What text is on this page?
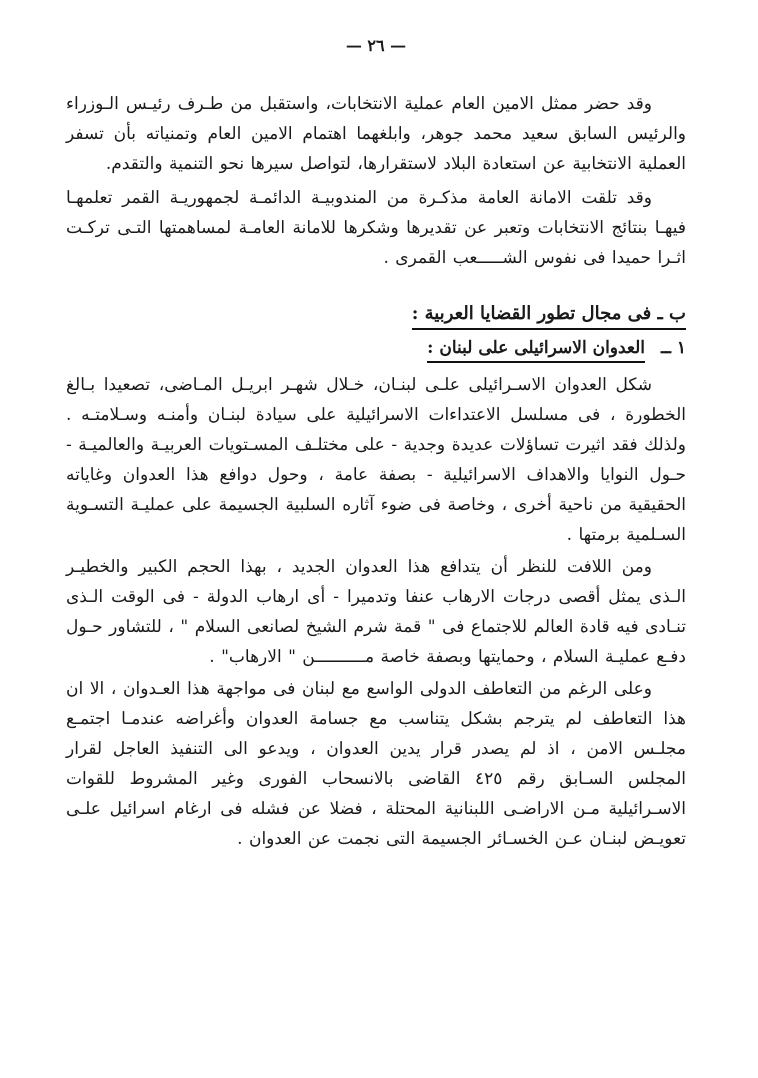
— ٢٦ —

وقد حضر ممثل الامين العام عملية الانتخابات، واستقبل من طـرف رئيـس الـوزراء والرئيس السابق سعيد محمد جوهر، وابلغهما اهتمام الامين العام وتمنياته بأن تسفر العملية الانتخابية عن استعادة البلاد لاستقرارها، لتواصل سيرها نحو التنمية والتقدم.

وقد تلقت الامانة العامة مذكـرة من المندوبيـة الدائمـة لجمهوريـة القمر تعلمهـا فيهـا بنتائج الانتخابات وتعبر عن تقديرها وشكرها للامانة العامـة لمساهمتها التـى تركـت اثـرا حميدا فى نفوس الشـــــعب القمرى .

ب ـ فى مجال تطور القضايا العربية :
١ ــ العدوان الاسرائيلى على لبنان :

شكل العدوان الاسـرائيلى علـى لبنـان، خـلال شهـر ابريـل المـاضى، تصعيدا بـالغ الخطورة ، فى مسلسل الاعتداءات الاسرائيلية على سيادة لبنـان وأمنـه وسـلامتـه . ولذلك فقد اثيرت تساؤلات عديدة وجدية - على مختلـف المسـتويات العربيـة والعالميـة - حـول النوايا والاهداف الاسرائيلية - بصفة عامة ، وحول دوافع هذا العدوان وغاياته الحقيقية من ناحية أخرى ، وخاصة فى ضوء آثاره السلبية الجسيمة على عمليـة التسـوية السـلمية برمتها .

ومن اللافت للنظر أن يتدافع هذا العدوان الجديد ، بهذا الحجم الكبير والخطيـر الـذى يمثل أقصى درجات الارهاب عنفا وتدميرا - أى ارهاب الدولة - فى الوقت الـذى تنـادى فيه قادة العالم للاجتماع فى " قمة شرم الشيخ لصانعى السلام " ، للتشاور حـول دفـع عمليـة السلام ، وحمايتها وبصفة خاصة مــــــــــن " الارهاب" .

وعلى الرغم من التعاطف الدولى الواسع مع لبنان فى مواجهة هذا العـدوان ، الا ان هذا التعاطف لم يترجم بشكل يتناسب مع جسامة العدوان وأغراضه عندمـا اجتمـع مجلـس الامن ، اذ لم يصدر قرار يدين العدوان ، ويدعو الى التنفيذ العاجل لقرار المجلس السـابق رقم ٤٢٥ القاضى بالانسحاب الفورى وغير المشروط للقوات الاسـرائيلية مـن الاراضـى اللبنانية المحتلة ، فضلا عن فشله فى ارغام اسرائيل علـى تعويـض لبنـان عـن الخسـائر الجسيمة التى نجمت عن العدوان .
